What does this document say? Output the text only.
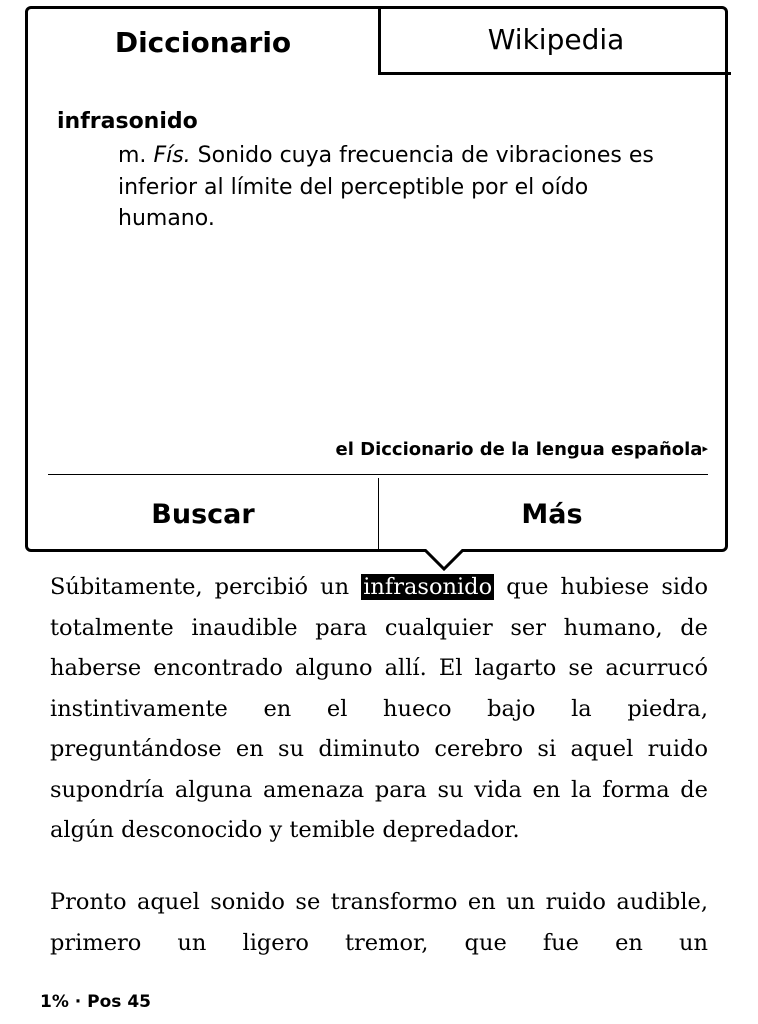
Diccionario	Wikipedia
infrasonido
m. Fís. Sonido cuya frecuencia de vibraciones es inferior al límite del perceptible por el oído humano.
el Diccionario de la lengua española▸
Buscar	Más
Súbitamente, percibió un infrasonido que hubiese sido totalmente inaudible para cualquier ser humano, de haberse encontrado alguno allí. El lagarto se acurrucó instintivamente en el hueco bajo la piedra, preguntándose en su diminuto cerebro si aquel ruido supondría alguna amenaza para su vida en la forma de algún desconocido y temible depredador.
Pronto aquel sonido se transformo en un ruido audible, primero un ligero tremor, que fue en un
1% · Pos 45
